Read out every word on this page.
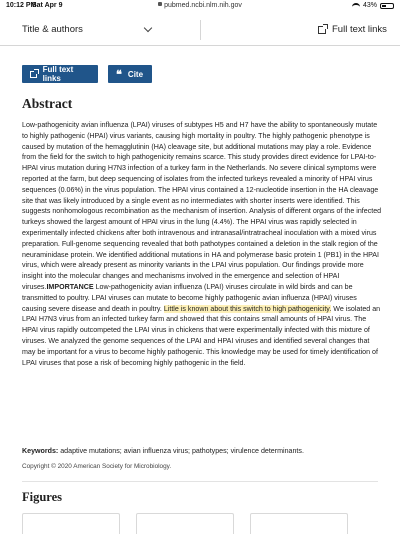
10:12 PM
Sat Apr 9	pubmed.ncbi.nlm.nih.gov	43%
Title & authors	Full text links
Full text links	❝ Cite
Abstract

Low-pathogenicity avian influenza (LPAI) viruses of subtypes H5 and H7 have the ability to spontaneously mutate to highly pathogenic (HPAI) virus variants, causing high mortality in poultry. The highly pathogenic phenotype is caused by mutation of the hemagglutinin (HA) cleavage site, but additional mutations may play a role. Evidence from the field for the switch to high pathogenicity remains scarce. This study provides direct evidence for LPAI-to-HPAI virus mutation during H7N3 infection of a turkey farm in the Netherlands. No severe clinical symptoms were reported at the farm, but deep sequencing of isolates from the infected turkeys revealed a minority of HPAI virus sequences (0.06%) in the virus population. The HPAI virus contained a 12-nucleotide insertion in the HA cleavage site that was likely introduced by a single event as no intermediates with shorter inserts were identified. This suggests nonhomologous recombination as the mechanism of insertion. Analysis of different organs of the infected turkeys showed the largest amount of HPAI virus in the lung (4.4%). The HPAI virus was rapidly selected in experimentally infected chickens after both intravenous and intranasal/intratracheal inoculation with a mixed virus preparation. Full-genome sequencing revealed that both pathotypes contained a deletion in the stalk region of the neuraminidase protein. We identified additional mutations in HA and polymerase basic protein 1 (PB1) in the HPAI virus, which were already present as minority variants in the LPAI virus population. Our findings provide more insight into the molecular changes and mechanisms involved in the emergence and selection of HPAI viruses.IMPORTANCE Low-pathogenicity avian influenza (LPAI) viruses circulate in wild birds and can be transmitted to poultry. LPAI viruses can mutate to become highly pathogenic avian influenza (HPAI) viruses causing severe disease and death in poultry. Little is known about this switch to high pathogenicity. We isolated an LPAI H7N3 virus from an infected turkey farm and showed that this contains small amounts of HPAI virus. The HPAI virus rapidly outcompeted the LPAI virus in chickens that were experimentally infected with this mixture of viruses. We analyzed the genome sequences of the LPAI and HPAI viruses and identified several changes that may be important for a virus to become highly pathogenic. This knowledge may be used for timely identification of LPAI viruses that pose a risk of becoming highly pathogenic in the field.

Keywords: adaptive mutations; avian influenza virus; pathotypes; virulence determinants.

Copyright © 2020 American Society for Microbiology.

Figures
